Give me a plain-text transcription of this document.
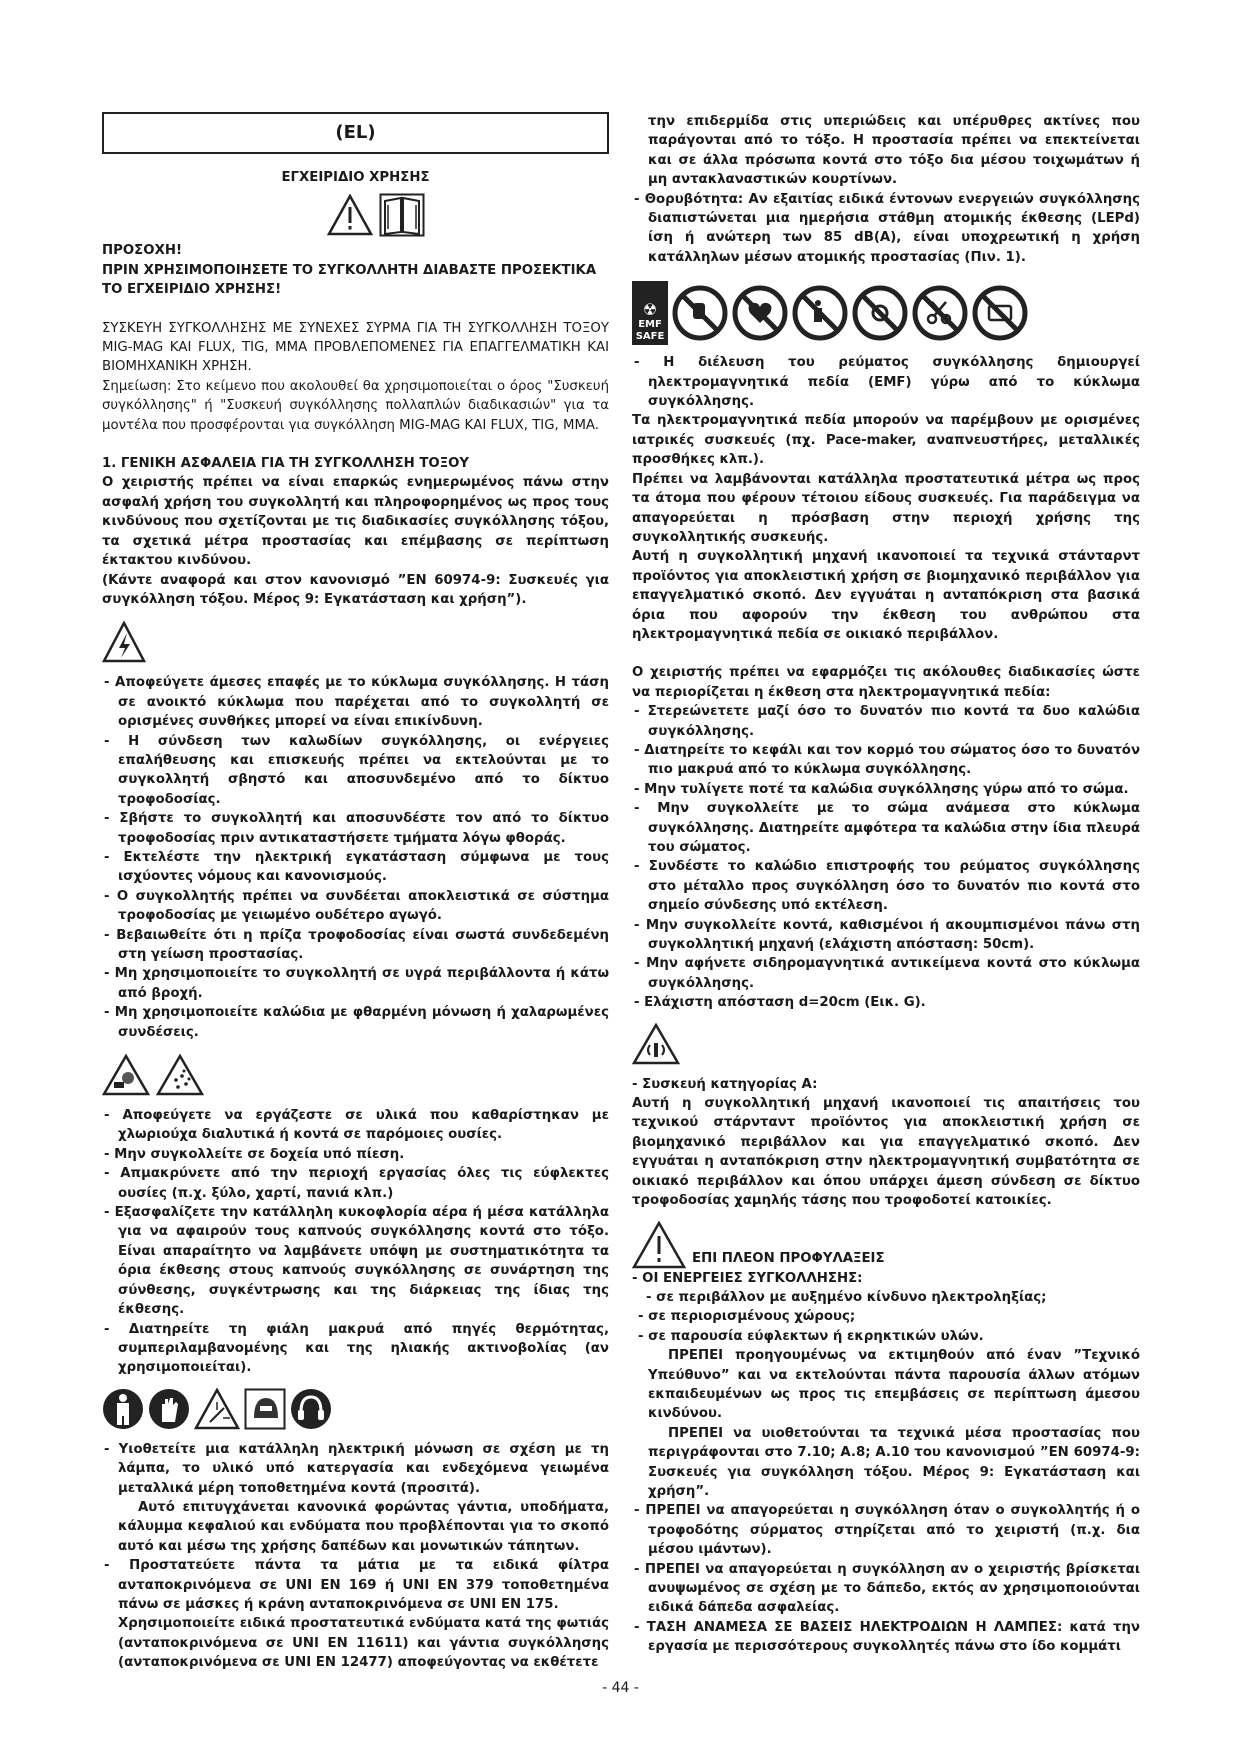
(EL)

ΕΓΧΕΙΡΙΔΙΟ ΧΡΗΣΗΣ

ΠΡΟΣΟΧΗ!

ΠΡΙΝ ΧΡΗΣΙΜΟΠΟΙΗΣΕΤΕ ΤΟ ΣΥΓΚΟΛΛΗΤΗ ΔΙΑΒΑΣΤΕ ΠΡΟΣΕΚΤΙΚΑ ΤΟ ΕΓΧΕΙΡΙΔΙΟ ΧΡΗΣΗΣ!

ΣΥΣΚΕΥΗ ΣΥΓΚΟΛΛΗΣΗΣ ΜΕ ΣΥΝΕΧΕΣ ΣΥΡΜΑ ΓΙΑ ΤΗ ΣΥΓΚΟΛΛΗΣΗ ΤΟΞΟΥ MIG-MAG ΚΑΙ FLUX, TIG, MMA ΠΡΟΒΛΕΠΟΜΕΝΕΣ ΓΙΑ ΕΠΑΓΓΕΛΜΑΤΙΚΗ ΚΑΙ ΒΙΟΜΗΧΑΝΙΚΗ ΧΡΗΣΗ.

Σημείωση: Στο κείμενο που ακολουθεί θα χρησιμοποιείται ο όρος "Συσκευή συγκόλλησης" ή "Συσκευή συγκόλλησης πολλαπλών διαδικασιών" για τα μοντέλα που προσφέρονται για συγκόλληση MIG-MAG ΚΑΙ FLUX, TIG, MMA.

1. ΓΕΝΙΚΗ ΑΣΦΑΛΕΙΑ ΓΙΑ ΤΗ ΣΥΓΚΟΛΛΗΣΗ ΤΟΞΟΥ

Ο χειριστής πρέπει να είναι επαρκώς ενημερωμένος πάνω στην ασφαλή χρήση του συγκολλητή και πληροφορημένος ως προς τους κινδύνους που σχετίζονται με τις διαδικασίες συγκόλλησης τόξου, τα σχετικά μέτρα προστασίας και επέμβασης σε περίπτωση έκτακτου κινδύνου.

(Κάντε αναφορά και στον κανονισμό ”EN 60974-9: Συσκευές για συγκόλληση τόξου. Μέρος 9: Εγκατάσταση και χρήση”).

- Αποφεύγετε άμεσες επαφές με το κύκλωμα συγκόλλησης. Η τάση σε ανοικτό κύκλωμα που παρέχεται από το συγκολλητή σε ορισμένες συνθήκες μπορεί να είναι επικίνδυνη.

- Η σύνδεση των καλωδίων συγκόλλησης, οι ενέργειες επαλήθευσης και επισκευής πρέπει να εκτελούνται με το συγκολλητή σβηστό και αποσυνδεμένο από το δίκτυο τροφοδοσίας.

- Σβήστε το συγκολλητή και αποσυνδέστε τον από το δίκτυο τροφοδοσίας πριν αντικαταστήσετε τμήματα λόγω φθοράς.

- Εκτελέστε την ηλεκτρική εγκατάσταση σύμφωνα με τους ισχύοντες νόμους και κανονισμούς.

- Ο συγκολλητής πρέπει να συνδέεται αποκλειστικά σε σύστημα τροφοδοσίας με γειωμένο ουδέτερο αγωγό.

- Βεβαιωθείτε ότι η πρίζα τροφοδοσίας είναι σωστά συνδεδεμένη στη γείωση προστασίας.

- Μη χρησιμοποιείτε το συγκολλητή σε υγρά περιβάλλοντα ή κάτω από βροχή.

- Μη χρησιμοποιείτε καλώδια με φθαρμένη μόνωση ή χαλαρωμένες συνδέσεις.

- Αποφεύγετε να εργάζεστε σε υλικά που καθαρίστηκαν με χλωριούχα διαλυτικά ή κοντά σε παρόμοιες ουσίες.

- Μην συγκολλείτε σε δοχεία υπό πίεση.

- Απμακρύνετε από την περιοχή εργασίας όλες τις εύφλεκτες ουσίες (π.χ. ξύλο, χαρτί, πανιά κλπ.)

- Εξασφαλίζετε την κατάλληλη κυκοφλορία αέρα ή μέσα κατάλληλα για να αφαιρούν τους καπνούς συγκόλλησης κοντά στο τόξο. Είναι απαραίτητο να λαμβάνετε υπόψη με συστηματικότητα τα όρια έκθεσης στους καπνούς συγκόλλησης σε συνάρτηση της σύνθεσης, συγκέντρωσης και της διάρκειας της ίδιας της έκθεσης.

- Διατηρείτε τη φιάλη μακρυά από πηγές θερμότητας, συμπεριλαμβανομένης και της ηλιακής ακτινοβολίας (αν χρησιμοποιείται).

- Υιοθετείτε μια κατάλληλη ηλεκτρική μόνωση σε σχέση με τη λάμπα, το υλικό υπό κατεργασία και ενδεχόμενα γειωμένα μεταλλικά μέρη τοποθετημένα κοντά (προσιτά).

Αυτό επιτυγχάνεται κανονικά φορώντας γάντια, υποδήματα, κάλυμμα κεφαλιού και ενδύματα που προβλέπονται για το σκοπό αυτό και μέσω της χρήσης δαπέδων και μονωτικών τάπητων.

- Προστατεύετε πάντα τα μάτια με τα ειδικά φίλτρα ανταποκρινόμενα σε UNI EN 169 ή UNI EN 379 τοποθετημένα πάνω σε μάσκες ή κράνη ανταποκρινόμενα σε UNI EN 175.

Χρησιμοποιείτε ειδικά προστατευτικά ενδύματα κατά της φωτιάς (ανταποκρινόμενα σε UNI EN 11611) και γάντια συγκόλλησης (ανταποκρινόμενα σε UNI EN 12477) αποφεύγοντας να εκθέτετε

την επιδερμίδα στις υπεριώδεις και υπέρυθρες ακτίνες που παράγονται από το τόξο. Η προστασία πρέπει να επεκτείνεται και σε άλλα πρόσωπα κοντά στο τόξο δια μέσου τοιχωμάτων ή μη αντακλαναστικών κουρτίνων.

- Θορυβότητα: Αν εξαιτίας ειδικά έντονων ενεργειών συγκόλλησης διαπιστώνεται μια ημερήσια στάθμη ατομικής έκθεσης (LEPd) ίση ή ανώτερη των 85 dB(A), είναι υποχρεωτική η χρήση κατάλληλων μέσων ατομικής προστασίας (Πιν. 1).

☢
EMF
SAFE

- Η διέλευση του ρεύματος συγκόλλησης δημιουργεί ηλεκτρομαγνητικά πεδία (EMF) γύρω από το κύκλωμα συγκόλλησης.

Τα ηλεκτρομαγνητικά πεδία μπορούν να παρέμβουν με ορισμένες ιατρικές συσκευές (πχ. Pace-maker, αναπνευστήρες, μεταλλικές προσθήκες κλπ.).

Πρέπει να λαμβάνονται κατάλληλα προστατευτικά μέτρα ως προς τα άτομα που φέρουν τέτοιου είδους συσκευές. Για παράδειγμα να απαγορεύεται η πρόσβαση στην περιοχή χρήσης της συγκολλητικής συσκευής.

Αυτή η συγκολλητική μηχανή ικανοποιεί τα τεχνικά στάνταρντ προϊόντος για αποκλειστική χρήση σε βιομηχανικό περιβάλλον για επαγγελματικό σκοπό. Δεν εγγυάται η ανταπόκριση στα βασικά όρια που αφορούν την έκθεση του ανθρώπου στα ηλεκτρομαγνητικά πεδία σε οικιακό περιβάλλον.

Ο χειριστής πρέπει να εφαρμόζει τις ακόλουθες διαδικασίες ώστε να περιορίζεται η έκθεση στα ηλεκτρομαγνητικά πεδία:

- Στερεώνετετε μαζί όσο το δυνατόν πιο κοντά τα δυο καλώδια συγκόλλησης.

- Διατηρείτε το κεφάλι και τον κορμό του σώματος όσο το δυνατόν πιο μακρυά από το κύκλωμα συγκόλλησης.

- Μην τυλίγετε ποτέ τα καλώδια συγκόλλησης γύρω από το σώμα.

- Μην συγκολλείτε με το σώμα ανάμεσα στο κύκλωμα συγκόλλησης. Διατηρείτε αμφότερα τα καλώδια στην ίδια πλευρά του σώματος.

- Συνδέστε το καλώδιο επιστροφής του ρεύματος συγκόλλησης στο μέταλλο προς συγκόλληση όσο το δυνατόν πιο κοντά στο σημείο σύνδεσης υπό εκτέλεση.

- Μην συγκολλείτε κοντά, καθισμένοι ή ακουμπισμένοι πάνω στη συγκολλητική μηχανή (ελάχιστη απόσταση: 50cm).

- Μην αφήνετε σιδηρομαγνητικά αντικείμενα κοντά στο κύκλωμα συγκόλλησης.

- Ελάχιστη απόσταση d=20cm (Εικ. G).

- Συσκευή κατηγορίας A:

Αυτή η συγκολλητική μηχανή ικανοποιεί τις απαιτήσεις του τεχνικού στάρνταντ προϊόντος για αποκλειστική χρήση σε βιομηχανικό περιβάλλον και για επαγγελματικό σκοπό. Δεν εγγυάται η ανταπόκριση στην ηλεκτρομαγνητική συμβατότητα σε οικιακό περιβάλλον και όπου υπάρχει άμεση σύνδεση σε δίκτυο τροφοδοσίας χαμηλής τάσης που τροφοδοτεί κατοικίες.

ΕΠΙ ΠΛΕΟΝ ΠΡΟΦΥΛΑΞΕΙΣ

- ΟΙ ΕΝΕΡΓΕΙΕΣ ΣΥΓΚΟΛΛΗΣΗΣ:

- σε περιβάλλον με αυξημένο κίνδυνο ηλεκτροληξίας;

- σε περιορισμένους χώρους;

- σε παρουσία εύφλεκτων ή εκρηκτικών υλών.

ΠΡΕΠΕΙ προηγουμένως να εκτιμηθούν από έναν ”Τεχνικό Υπεύθυνο” και να εκτελούνται πάντα παρουσία άλλων ατόμων εκπαιδευμένων ως προς τις επεμβάσεις σε περίπτωση άμεσου κινδύνου.

ΠΡΕΠΕΙ να υιοθετούνται τα τεχνικά μέσα προστασίας που περιγράφονται στο 7.10; A.8; A.10 του κανονισμού ”EN 60974-9: Συσκευές για συγκόλληση τόξου. Μέρος 9: Εγκατάσταση και χρήση”.

- ΠΡΕΠΕΙ να απαγορεύεται η συγκόλληση όταν ο συγκολλητής ή ο τροφοδότης σύρματος στηρίζεται από το χειριστή (π.χ. δια μέσου ιμάντων).

- ΠΡΕΠΕΙ να απαγορεύεται η συγκόλληση αν ο χειριστής βρίσκεται ανυψωμένος σε σχέση με το δάπεδο, εκτός αν χρησιμοποιούνται ειδικά δάπεδα ασφαλείας.

- ΤΑΣΗ ΑΝΑΜΕΣΑ ΣΕ ΒΑΣΕΙΣ ΗΛΕΚΤΡΟΔΙΩΝ Η ΛΑΜΠΕΣ: κατά την εργασία με περισσότερους συγκολλητές πάνω στο ίδο κομμάτι

- 44 -
